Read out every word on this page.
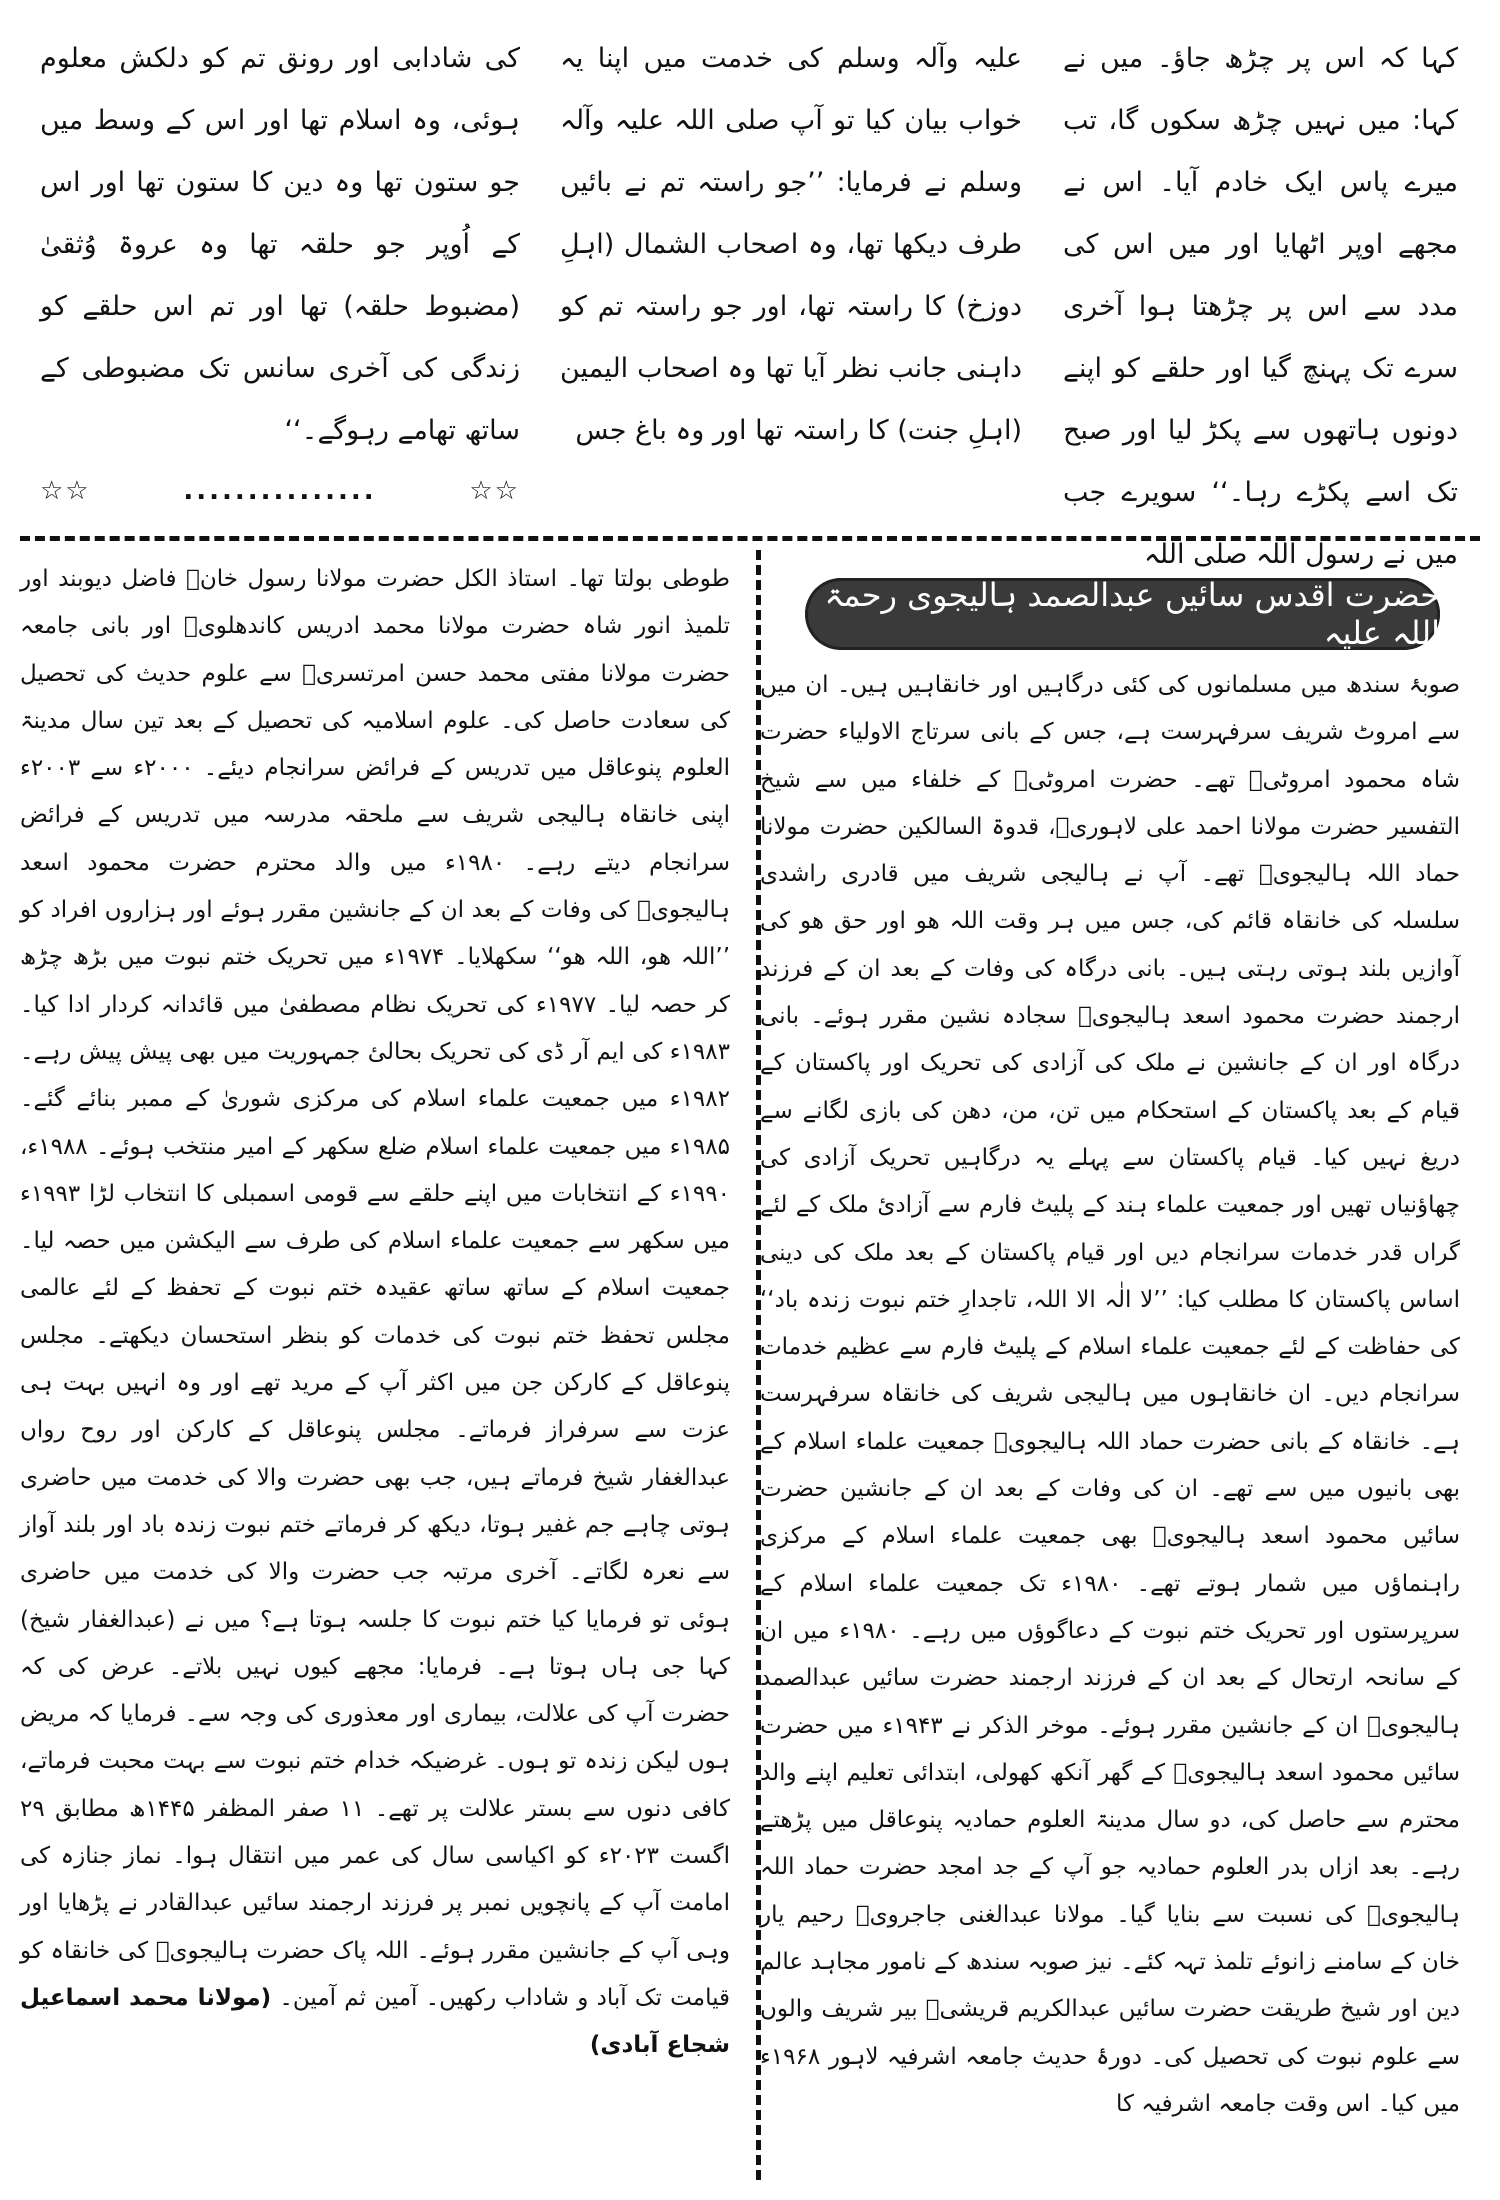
کہا کہ اس پر چڑھ جاؤ۔ میں نے کہا: میں نہیں چڑھ سکوں گا، تب میرے پاس ایک خادم آیا۔ اس نے مجھے اوپر اٹھایا اور میں اس کی مدد سے اس پر چڑھتا ہوا آخری سرے تک پہنچ گیا اور حلقے کو اپنے دونوں ہاتھوں سے پکڑ لیا اور صبح تک اسے پکڑے رہا۔‘‘ سویرے جب میں نے رسول اللہ صلی اللہ

علیہ وآلہ وسلم کی خدمت میں اپنا یہ خواب بیان کیا تو آپ صلی اللہ علیہ وآلہ وسلم نے فرمایا: ’’جو راستہ تم نے بائیں طرف دیکھا تھا، وہ اصحاب الشمال (اہلِ دوزخ) کا راستہ تھا، اور جو راستہ تم کو داہنی جانب نظر آیا تھا وہ اصحاب الیمین (اہلِ جنت) کا راستہ تھا اور وہ باغ جس

کی شادابی اور رونق تم کو دلکش معلوم ہوئی، وہ اسلام تھا اور اس کے وسط میں جو ستون تھا وہ دین کا ستون تھا اور اس کے اُوپر جو حلقہ تھا وہ عروۃ وُثقیٰ (مضبوط حلقہ) تھا اور تم اس حلقے کو زندگی کی آخری سانس تک مضبوطی کے ساتھ تھامے رہوگے۔‘‘

☆☆
...............
☆☆
حضرت اقدس سائیں عبدالصمد ہالیجوی رحمۃ اللہ علیہ

صوبۂ سندھ میں مسلمانوں کی کئی درگاہیں اور خانقاہیں ہیں۔ ان میں سے امروٹ شریف سرفہرست ہے، جس کے بانی سرتاج الاولیاء حضرت شاہ محمود امروٹیؒ تھے۔ حضرت امروٹیؒ کے خلفاء میں سے شیخ التفسیر حضرت مولانا احمد علی لاہوریؒ، قدوۃ السالکین حضرت مولانا حماد اللہ ہالیجویؒ تھے۔ آپ نے ہالیجی شریف میں قادری راشدی سلسلہ کی خانقاہ قائم کی، جس میں ہر وقت اللہ ھو اور حق ھو کی آوازیں بلند ہوتی رہتی ہیں۔ بانی درگاہ کی وفات کے بعد ان کے فرزند ارجمند حضرت محمود اسعد ہالیجویؒ سجادہ نشین مقرر ہوئے۔ بانی درگاہ اور ان کے جانشین نے ملک کی آزادی کی تحریک اور پاکستان کے قیام کے بعد پاکستان کے استحکام میں تن، من، دھن کی بازی لگانے سے دریغ نہیں کیا۔ قیام پاکستان سے پہلے یہ درگاہیں تحریک آزادی کی چھاؤنیاں تھیں اور جمعیت علماء ہند کے پلیٹ فارم سے آزادیٔ ملک کے لئے گراں قدر خدمات سرانجام دیں اور قیام پاکستان کے بعد ملک کی دینی اساس پاکستان کا مطلب کیا: ’’لا الٰہ الا اللہ، تاجدارِ ختم نبوت زندہ باد‘‘ کی حفاظت کے لئے جمعیت علماء اسلام کے پلیٹ فارم سے عظیم خدمات سرانجام دیں۔ ان خانقاہوں میں ہالیجی شریف کی خانقاہ سرفہرست ہے۔ خانقاہ کے بانی حضرت حماد اللہ ہالیجویؒ جمعیت علماء اسلام کے بھی بانیوں میں سے تھے۔ ان کی وفات کے بعد ان کے جانشین حضرت سائیں محمود اسعد ہالیجویؒ بھی جمعیت علماء اسلام کے مرکزی راہنماؤں میں شمار ہوتے تھے۔ ۱۹۸۰ء تک جمعیت علماء اسلام کے سرپرستوں اور تحریک ختم نبوت کے دعاگوؤں میں رہے۔ ۱۹۸۰ء میں ان کے سانحہ ارتحال کے بعد ان کے فرزند ارجمند حضرت سائیں عبدالصمد ہالیجویؒ ان کے جانشین مقرر ہوئے۔ موخر الذکر نے ۱۹۴۳ء میں حضرت سائیں محمود اسعد ہالیجویؒ کے گھر آنکھ کھولی، ابتدائی تعلیم اپنے والد محترم سے حاصل کی، دو سال مدینۃ العلوم حمادیہ پنوعاقل میں پڑھتے رہے۔ بعد ازاں بدر العلوم حمادیہ جو آپ کے جد امجد حضرت حماد اللہ ہالیجویؒ کی نسبت سے بنایا گیا۔ مولانا عبدالغنی جاجرویؒ رحیم یار خان کے سامنے زانوئے تلمذ تہہ کئے۔ نیز صوبہ سندھ کے نامور مجاہد عالم دین اور شیخ طریقت حضرت سائیں عبدالکریم قریشیؒ بیر شریف والوں سے علوم نبوت کی تحصیل کی۔ دورۂ حدیث جامعہ اشرفیہ لاہور ۱۹۶۸ء میں کیا۔ اس وقت جامعہ اشرفیہ کا

طوطی بولتا تھا۔ استاذ الکل حضرت مولانا رسول خانؒ فاضل دیوبند اور تلمیذ انور شاہ حضرت مولانا محمد ادریس کاندھلویؒ اور بانی جامعہ حضرت مولانا مفتی محمد حسن امرتسریؒ سے علوم حدیث کی تحصیل کی سعادت حاصل کی۔ علوم اسلامیہ کی تحصیل کے بعد تین سال مدینۃ العلوم پنوعاقل میں تدریس کے فرائض سرانجام دیئے۔ ۲۰۰۰ء سے ۲۰۰۳ء اپنی خانقاہ ہالیجی شریف سے ملحقہ مدرسہ میں تدریس کے فرائض سرانجام دیتے رہے۔ ۱۹۸۰ء میں والد محترم حضرت محمود اسعد ہالیجویؒ کی وفات کے بعد ان کے جانشین مقرر ہوئے اور ہزاروں افراد کو ’’اللہ ھو، اللہ ھو‘‘ سکھلایا۔ ۱۹۷۴ء میں تحریک ختم نبوت میں بڑھ چڑھ کر حصہ لیا۔ ۱۹۷۷ء کی تحریک نظام مصطفیٰ میں قائدانہ کردار ادا کیا۔ ۱۹۸۳ء کی ایم آر ڈی کی تحریک بحالیٔ جمہوریت میں بھی پیش پیش رہے۔ ۱۹۸۲ء میں جمعیت علماء اسلام کی مرکزی شوریٰ کے ممبر بنائے گئے۔ ۱۹۸۵ء میں جمعیت علماء اسلام ضلع سکھر کے امیر منتخب ہوئے۔ ۱۹۸۸ء، ۱۹۹۰ء کے انتخابات میں اپنے حلقے سے قومی اسمبلی کا انتخاب لڑا ۱۹۹۳ء میں سکھر سے جمعیت علماء اسلام کی طرف سے الیکشن میں حصہ لیا۔ جمعیت اسلام کے ساتھ ساتھ عقیدہ ختم نبوت کے تحفظ کے لئے عالمی مجلس تحفظ ختم نبوت کی خدمات کو بنظر استحسان دیکھتے۔ مجلس پنوعاقل کے کارکن جن میں اکثر آپ کے مرید تھے اور وہ انہیں بہت ہی عزت سے سرفراز فرماتے۔ مجلس پنوعاقل کے کارکن اور روح رواں عبدالغفار شیخ فرماتے ہیں، جب بھی حضرت والا کی خدمت میں حاضری ہوتی چاہے جم غفیر ہوتا، دیکھ کر فرماتے ختم نبوت زندہ باد اور بلند آواز سے نعرہ لگاتے۔ آخری مرتبہ جب حضرت والا کی خدمت میں حاضری ہوئی تو فرمایا کیا ختم نبوت کا جلسہ ہوتا ہے؟ میں نے (عبدالغفار شیخ) کہا جی ہاں ہوتا ہے۔ فرمایا: مجھے کیوں نہیں بلاتے۔ عرض کی کہ حضرت آپ کی علالت، بیماری اور معذوری کی وجہ سے۔ فرمایا کہ مریض ہوں لیکن زندہ تو ہوں۔ غرضیکہ خدام ختم نبوت سے بہت محبت فرماتے، کافی دنوں سے بستر علالت پر تھے۔ ۱۱ صفر المظفر ۱۴۴۵ھ مطابق ۲۹ اگست ۲۰۲۳ء کو اکیاسی سال کی عمر میں انتقال ہوا۔ نماز جنازہ کی امامت آپ کے پانچویں نمبر پر فرزند ارجمند سائیں عبدالقادر نے پڑھایا اور وہی آپ کے جانشین مقرر ہوئے۔ اللہ پاک حضرت ہالیجویؒ کی خانقاہ کو قیامت تک آباد و شاداب رکھیں۔ آمین ثم آمین۔ (مولانا محمد اسماعیل شجاع آبادی)
